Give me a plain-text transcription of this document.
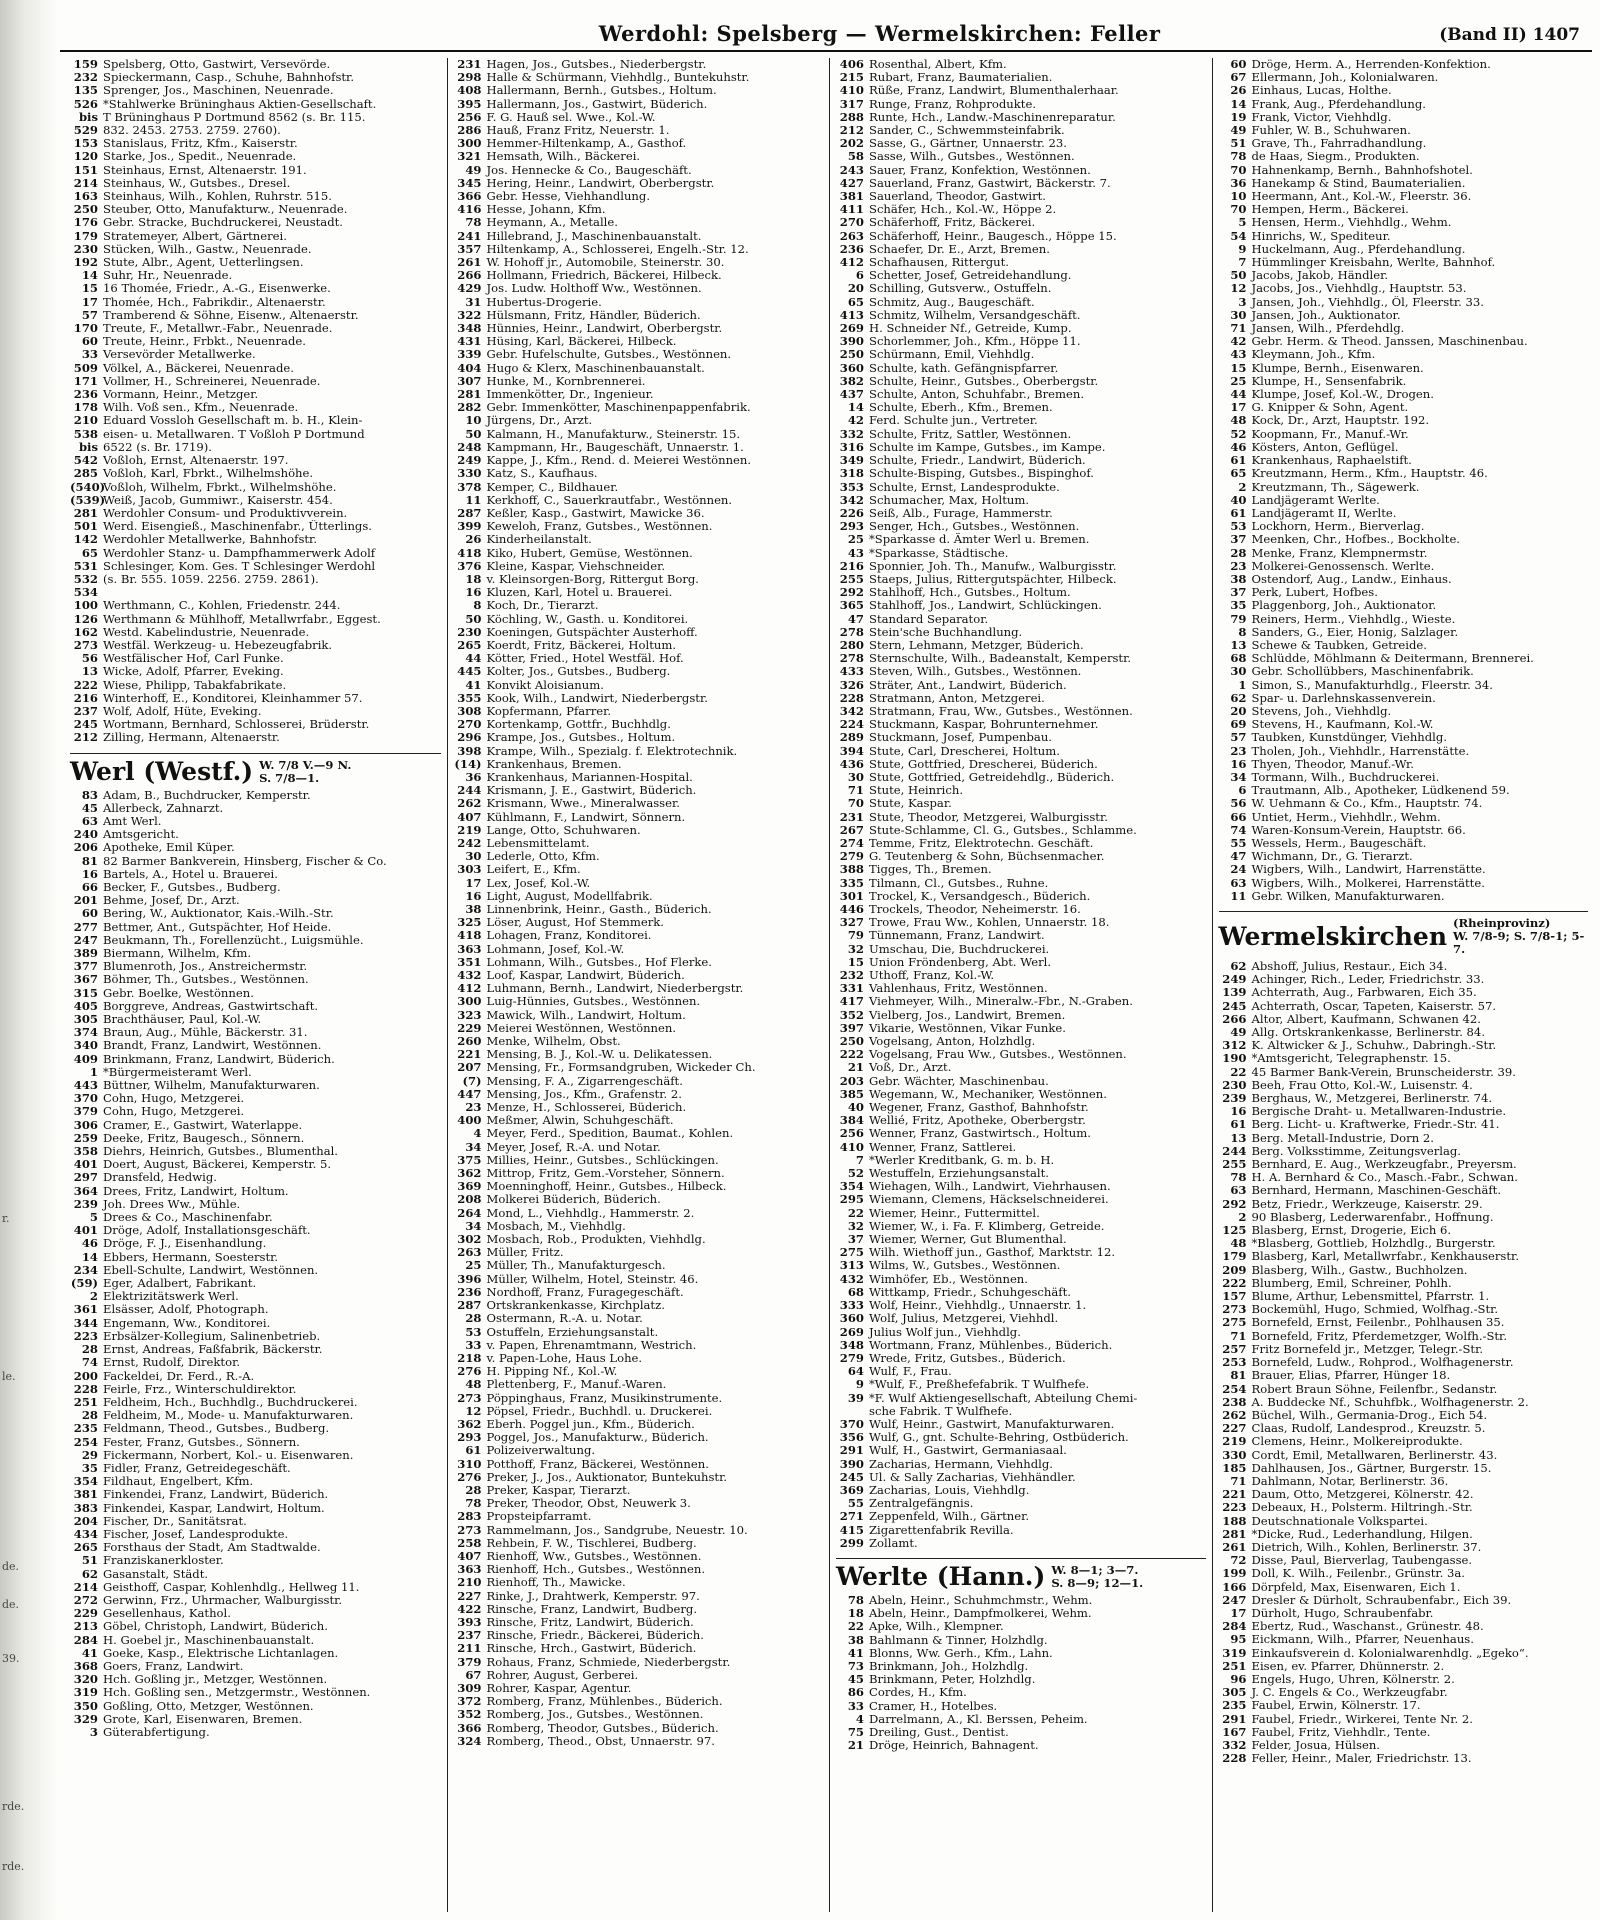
r.
le.
de.
de.
39.
rde.
rde.
Werdohl: Spelsberg — Wermelskirchen: Feller	(Band II) 1407
159 Spelsberg, Otto, Gastwirt, Versevörde.
232 Spieckermann, Casp., Schuhe, Bahnhofstr.
135 Sprenger, Jos., Maschinen, Neuenrade.
526 *Stahlwerke Brüninghaus Aktien-Gesellschaft.
bis T Brüninghaus P Dortmund 8562 (s. Br. 115.
529 832. 2453. 2753. 2759. 2760).
153 Stanislaus, Fritz, Kfm., Kaiserstr.
120 Starke, Jos., Spedit., Neuenrade.
151 Steinhaus, Ernst, Altenaerstr. 191.
214 Steinhaus, W., Gutsbes., Dresel.
163 Steinhaus, Wilh., Kohlen, Ruhrstr. 515.
250 Steuber, Otto, Manufakturw., Neuenrade.
176 Gebr. Stracke, Buchdruckerei, Neustadt.
179 Stratemeyer, Albert, Gärtnerei.
230 Stücken, Wilh., Gastw., Neuenrade.
192 Stute, Albr., Agent, Uetterlingsen.
14 Suhr, Hr., Neuenrade.
15 16 Thomée, Friedr., A.-G., Eisenwerke.
17 Thomée, Hch., Fabrikdir., Altenaerstr.
57 Tramberend & Söhne, Eisenw., Altenaerstr.
170 Treute, F., Metallwr.-Fabr., Neuenrade.
60 Treute, Heinr., Frbkt., Neuenrade.
33 Versevörder Metallwerke.
509 Völkel, A., Bäckerei, Neuenrade.
171 Vollmer, H., Schreinerei, Neuenrade.
236 Vormann, Heinr., Metzger.
178 Wilh. Voß sen., Kfm., Neuenrade.
210 Eduard Vossloh Gesellschaft m. b. H., Klein-
538 eisen- u. Metallwaren. T Voßloh P Dortmund
bis 6522 (s. Br. 1719).
542 Voßloh, Ernst, Altenaerstr. 197.
285 Voßloh, Karl, Fbrkt., Wilhelmshöhe.
(540)Voßloh, Wilhelm, Fbrkt., Wilhelmshöhe.
(539)Weiß, Jacob, Gummiwr., Kaiserstr. 454.
281 Werdohler Consum- und Produktivverein.
501 Werd. Eisengieß., Maschinenfabr., Ütterlings.
142 Werdohler Metallwerke, Bahnhofstr.
65 Werdohler Stanz- u. Dampfhammerwerk Adolf
531 Schlesinger, Kom. Ges. T Schlesinger Werdohl
532 (s. Br. 555. 1059. 2256. 2759. 2861).
534
100 Werthmann, C., Kohlen, Friedenstr. 244.
126 Werthmann & Mühlhoff, Metallwrfabr., Eggest.
162 Westd. Kabelindustrie, Neuenrade.
273 Westfäl. Werkzeug- u. Hebezeugfabrik.
56 Westfälischer Hof, Carl Funke.
13 Wicke, Adolf, Pfarrer, Eveking.
222 Wiese, Philipp, Tabakfabrikate.
216 Winterhoff, E., Konditorei, Kleinhammer 57.
237 Wolf, Adolf, Hüte, Eveking.
245 Wortmann, Bernhard, Schlosserei, Brüderstr.
212 Zilling, Hermann, Altenaerstr.
Werl (Westf.) W. 7/8 V.—9 N.
S. 7/8—1.
83 Adam, B., Buchdrucker, Kemperstr.
45 Allerbeck, Zahnarzt.
63 Amt Werl.
240 Amtsgericht.
206 Apotheke, Emil Küper.
81 82 Barmer Bankverein, Hinsberg, Fischer & Co.
16 Bartels, A., Hotel u. Brauerei.
66 Becker, F., Gutsbes., Budberg.
201 Behme, Josef, Dr., Arzt.
60 Bering, W., Auktionator, Kais.-Wilh.-Str.
277 Bettmer, Ant., Gutspächter, Hof Heide.
247 Beukmann, Th., Forellenzücht., Luigsmühle.
389 Biermann, Wilhelm, Kfm.
377 Blumenroth, Jos., Anstreichermstr.
367 Böhmer, Th., Gutsbes., Westönnen.
315 Gebr. Boelke, Westönnen.
405 Borggreve, Andreas, Gastwirtschaft.
305 Brachthäuser, Paul, Kol.-W.
374 Braun, Aug., Mühle, Bäckerstr. 31.
340 Brandt, Franz, Landwirt, Westönnen.
409 Brinkmann, Franz, Landwirt, Büderich.
1 *Bürgermeisteramt Werl.
443 Büttner, Wilhelm, Manufakturwaren.
370 Cohn, Hugo, Metzgerei.
379 Cohn, Hugo, Metzgerei.
306 Cramer, E., Gastwirt, Waterlappe.
259 Deeke, Fritz, Baugesch., Sönnern.
358 Diehrs, Heinrich, Gutsbes., Blumenthal.
401 Doert, August, Bäckerei, Kemperstr. 5.
297 Dransfeld, Hedwig.
364 Drees, Fritz, Landwirt, Holtum.
239 Joh. Drees Ww., Mühle.
5 Drees & Co., Maschinenfabr.
401 Dröge, Adolf, Installationsgeschäft.
46 Dröge, F. J., Eisenhandlung.
14 Ebbers, Hermann, Soesterstr.
234 Ebell-Schulte, Landwirt, Westönnen.
(59) Eger, Adalbert, Fabrikant.
2 Elektrizitätswerk Werl.
361 Elsässer, Adolf, Photograph.
344 Engemann, Ww., Konditorei.
223 Erbsälzer-Kollegium, Salinenbetrieb.
28 Ernst, Andreas, Faßfabrik, Bäckerstr.
74 Ernst, Rudolf, Direktor.
200 Fackeldei, Dr. Ferd., R.-A.
228 Feirle, Frz., Winterschuldirektor.
251 Feldheim, Hch., Buchhdlg., Buchdruckerei.
28 Feldheim, M., Mode- u. Manufakturwaren.
235 Feldmann, Theod., Gutsbes., Budberg.
254 Fester, Franz, Gutsbes., Sönnern.
29 Fickermann, Norbert, Kol.- u. Eisenwaren.
35 Fidler, Franz, Getreidegeschäft.
354 Fildhaut, Engelbert, Kfm.
381 Finkendei, Franz, Landwirt, Büderich.
383 Finkendei, Kaspar, Landwirt, Holtum.
204 Fischer, Dr., Sanitätsrat.
434 Fischer, Josef, Landesprodukte.
265 Forsthaus der Stadt, Am Stadtwalde.
51 Franziskanerkloster.
62 Gasanstalt, Städt.
214 Geisthoff, Caspar, Kohlenhdlg., Hellweg 11.
272 Gerwinn, Frz., Uhrmacher, Walburgisstr.
229 Gesellenhaus, Kathol.
213 Göbel, Christoph, Landwirt, Büderich.
284 H. Goebel jr., Maschinenbauanstalt.
41 Goeke, Kasp., Elektrische Lichtanlagen.
368 Goers, Franz, Landwirt.
320 Hch. Goßling jr., Metzger, Westönnen.
319 Hch. Goßling sen., Metzgermstr., Westönnen.
350 Goßling, Otto, Metzger, Westönnen.
329 Grote, Karl, Eisenwaren, Bremen.
3 Güterabfertigung.
231 Hagen, Jos., Gutsbes., Niederbergstr.
298 Halle & Schürmann, Viehhdlg., Buntekuhstr.
408 Hallermann, Bernh., Gutsbes., Holtum.
395 Hallermann, Jos., Gastwirt, Büderich.
256 F. G. Hauß sel. Wwe., Kol.-W.
286 Hauß, Franz Fritz, Neuerstr. 1.
300 Hemmer-Hiltenkamp, A., Gasthof.
321 Hemsath, Wilh., Bäckerei.
49 Jos. Hennecke & Co., Baugeschäft.
345 Hering, Heinr., Landwirt, Oberbergstr.
366 Gebr. Hesse, Viehhandlung.
416 Hesse, Johann, Kfm.
78 Heymann, A., Metalle.
241 Hillebrand, J., Maschinenbauanstalt.
357 Hiltenkamp, A., Schlosserei, Engelh.-Str. 12.
261 W. Hohoff jr., Automobile, Steinerstr. 30.
266 Hollmann, Friedrich, Bäckerei, Hilbeck.
429 Jos. Ludw. Holthoff Ww., Westönnen.
31 Hubertus-Drogerie.
322 Hülsmann, Fritz, Händler, Büderich.
348 Hünnies, Heinr., Landwirt, Oberbergstr.
431 Hüsing, Karl, Bäckerei, Hilbeck.
339 Gebr. Hufelschulte, Gutsbes., Westönnen.
404 Hugo & Klerx, Maschinenbauanstalt.
307 Hunke, M., Kornbrennerei.
281 Immenkötter, Dr., Ingenieur.
282 Gebr. Immenkötter, Maschinenpappenfabrik.
10 Jürgens, Dr., Arzt.
50 Kalmann, H., Manufakturw., Steinerstr. 15.
248 Kampmann, Hr., Baugeschäft, Unnaerstr. 1.
249 Kappe, J., Kfm., Rend. d. Meierei Westönnen.
330 Katz, S., Kaufhaus.
378 Kemper, C., Bildhauer.
11 Kerkhoff, C., Sauerkrautfabr., Westönnen.
287 Keßler, Kasp., Gastwirt, Mawicke 36.
399 Keweloh, Franz, Gutsbes., Westönnen.
26 Kinderheilanstalt.
418 Kiko, Hubert, Gemüse, Westönnen.
376 Kleine, Kaspar, Viehschneider.
18 v. Kleinsorgen-Borg, Rittergut Borg.
16 Kluzen, Karl, Hotel u. Brauerei.
8 Koch, Dr., Tierarzt.
50 Köchling, W., Gasth. u. Konditorei.
230 Koeningen, Gutspächter Austerhoff.
265 Koerdt, Fritz, Bäckerei, Holtum.
44 Kötter, Fried., Hotel Westfäl. Hof.
445 Kolter, Jos., Gutsbes., Budberg.
41 Konvikt Aloisianum.
355 Kook, Wilh., Landwirt, Niederbergstr.
308 Kopfermann, Pfarrer.
270 Kortenkamp, Gottfr., Buchhdlg.
296 Krampe, Jos., Gutsbes., Holtum.
398 Krampe, Wilh., Spezialg. f. Elektrotechnik.
(14) Krankenhaus, Bremen.
36 Krankenhaus, Mariannen-Hospital.
244 Krismann, J. E., Gastwirt, Büderich.
262 Krismann, Wwe., Mineralwasser.
407 Kühlmann, F., Landwirt, Sönnern.
219 Lange, Otto, Schuhwaren.
242 Lebensmittelamt.
30 Lederle, Otto, Kfm.
303 Leifert, E., Kfm.
17 Lex, Josef, Kol.-W.
16 Light, August, Modellfabrik.
38 Linnenbrink, Heinr., Gasth., Büderich.
325 Löser, August, Hof Stemmerk.
418 Lohagen, Franz, Konditorei.
363 Lohmann, Josef, Kol.-W.
351 Lohmann, Wilh., Gutsbes., Hof Flerke.
432 Loof, Kaspar, Landwirt, Büderich.
412 Luhmann, Bernh., Landwirt, Niederbergstr.
300 Luig-Hünnies, Gutsbes., Westönnen.
323 Mawick, Wilh., Landwirt, Holtum.
229 Meierei Westönnen, Westönnen.
260 Menke, Wilhelm, Obst.
221 Mensing, B. J., Kol.-W. u. Delikatessen.
207 Mensing, Fr., Formsandgruben, Wickeder Ch.
(7) Mensing, F. A., Zigarrengeschäft.
447 Mensing, Jos., Kfm., Grafenstr. 2.
23 Menze, H., Schlosserei, Büderich.
400 Meßmer, Alwin, Schuhgeschäft.
4 Meyer, Ferd., Spedition, Baumat., Kohlen.
34 Meyer, Josef, R.-A. und Notar.
375 Millies, Heinr., Gutsbes., Schlückingen.
362 Mittrop, Fritz, Gem.-Vorsteher, Sönnern.
369 Moenninghoff, Heinr., Gutsbes., Hilbeck.
208 Molkerei Büderich, Büderich.
264 Mond, L., Viehhdlg., Hammerstr. 2.
34 Mosbach, M., Viehhdlg.
302 Mosbach, Rob., Produkten, Viehhdlg.
263 Müller, Fritz.
25 Müller, Th., Manufakturgesch.
396 Müller, Wilhelm, Hotel, Steinstr. 46.
236 Nordhoff, Franz, Furagegeschäft.
287 Ortskrankenkasse, Kirchplatz.
28 Ostermann, R.-A. u. Notar.
53 Ostuffeln, Erziehungsanstalt.
33 v. Papen, Ehrenamtmann, Westrich.
218 v. Papen-Lohe, Haus Lohe.
276 H. Pipping Nf., Kol.-W.
48 Plettenberg, F., Manuf.-Waren.
273 Pöppinghaus, Franz, Musikinstrumente.
12 Pöpsel, Friedr., Buchhdl. u. Druckerei.
362 Eberh. Poggel jun., Kfm., Büderich.
293 Poggel, Jos., Manufakturw., Büderich.
61 Polizeiverwaltung.
310 Potthoff, Franz, Bäckerei, Westönnen.
276 Preker, J., Jos., Auktionator, Buntekuhstr.
28 Preker, Kaspar, Tierarzt.
78 Preker, Theodor, Obst, Neuwerk 3.
283 Propsteipfarramt.
273 Rammelmann, Jos., Sandgrube, Neuestr. 10.
258 Rehbein, F. W., Tischlerei, Budberg.
407 Rienhoff, Ww., Gutsbes., Westönnen.
363 Rienhoff, Hch., Gutsbes., Westönnen.
210 Rienhoff, Th., Mawicke.
227 Rinke, J., Drahtwerk, Kemperstr. 97.
422 Rinsche, Franz, Landwirt, Budberg.
393 Rinsche, Fritz, Landwirt, Büderich.
237 Rinsche, Friedr., Bäckerei, Büderich.
211 Rinsche, Hrch., Gastwirt, Büderich.
379 Rohaus, Franz, Schmiede, Niederbergstr.
67 Rohrer, August, Gerberei.
309 Rohrer, Kaspar, Agentur.
372 Romberg, Franz, Mühlenbes., Büderich.
352 Romberg, Jos., Gutsbes., Westönnen.
366 Romberg, Theodor, Gutsbes., Büderich.
324 Romberg, Theod., Obst, Unnaerstr. 97.
406 Rosenthal, Albert, Kfm.
215 Rubart, Franz, Baumaterialien.
410 Rüße, Franz, Landwirt, Blumenthalerhaar.
317 Runge, Franz, Rohprodukte.
288 Runte, Hch., Landw.-Maschinenreparatur.
212 Sander, C., Schwemmsteinfabrik.
202 Sasse, G., Gärtner, Unnaerstr. 23.
58 Sasse, Wilh., Gutsbes., Westönnen.
243 Sauer, Franz, Konfektion, Westönnen.
427 Sauerland, Franz, Gastwirt, Bäckerstr. 7.
381 Sauerland, Theodor, Gastwirt.
411 Schäfer, Hch., Kol.-W., Höppe 2.
270 Schäferhoff, Fritz, Bäckerei.
263 Schäferhoff, Heinr., Baugesch., Höppe 15.
236 Schaefer, Dr. E., Arzt, Bremen.
412 Schafhausen, Rittergut.
6 Schetter, Josef, Getreidehandlung.
20 Schilling, Gutsverw., Ostuffeln.
65 Schmitz, Aug., Baugeschäft.
413 Schmitz, Wilhelm, Versandgeschäft.
269 H. Schneider Nf., Getreide, Kump.
390 Schorlemmer, Joh., Kfm., Höppe 11.
250 Schürmann, Emil, Viehhdlg.
360 Schulte, kath. Gefängnispfarrer.
382 Schulte, Heinr., Gutsbes., Oberbergstr.
437 Schulte, Anton, Schuhfabr., Bremen.
14 Schulte, Eberh., Kfm., Bremen.
42 Ferd. Schulte jun., Vertreter.
332 Schulte, Fritz, Sattler, Westönnen.
316 Schulte im Kampe, Gutsbes., im Kampe.
349 Schulte, Friedr., Landwirt, Büderich.
318 Schulte-Bisping, Gutsbes., Bispinghof.
353 Schulte, Ernst, Landesprodukte.
342 Schumacher, Max, Holtum.
226 Seiß, Alb., Furage, Hammerstr.
293 Senger, Hch., Gutsbes., Westönnen.
25 *Sparkasse d. Ämter Werl u. Bremen.
43 *Sparkasse, Städtische.
216 Sponnier, Joh. Th., Manufw., Walburgisstr.
255 Staeps, Julius, Rittergutspächter, Hilbeck.
292 Stahlhoff, Hch., Gutsbes., Holtum.
365 Stahlhoff, Jos., Landwirt, Schlückingen.
47 Standard Separator.
278 Stein'sche Buchhandlung.
280 Stern, Lehmann, Metzger, Büderich.
278 Sternschulte, Wilh., Badeanstalt, Kemperstr.
433 Steven, Wilh., Gutsbes., Westönnen.
326 Sträter, Ant., Landwirt, Büderich.
228 Stratmann, Anton, Metzgerei.
342 Stratmann, Frau, Ww., Gutsbes., Westönnen.
224 Stuckmann, Kaspar, Bohrunternehmer.
289 Stuckmann, Josef, Pumpenbau.
394 Stute, Carl, Drescherei, Holtum.
436 Stute, Gottfried, Drescherei, Büderich.
30 Stute, Gottfried, Getreidehdlg., Büderich.
71 Stute, Heinrich.
70 Stute, Kaspar.
231 Stute, Theodor, Metzgerei, Walburgisstr.
267 Stute-Schlamme, Cl. G., Gutsbes., Schlamme.
274 Temme, Fritz, Elektrotechn. Geschäft.
279 G. Teutenberg & Sohn, Büchsenmacher.
388 Tigges, Th., Bremen.
335 Tilmann, Cl., Gutsbes., Ruhne.
301 Trockel, K., Versandgesch., Büderich.
446 Trockels, Theodor, Neheimerstr. 16.
327 Trowe, Frau Ww., Kohlen, Unnaerstr. 18.
79 Tünnemann, Franz, Landwirt.
32 Umschau, Die, Buchdruckerei.
15 Union Fröndenberg, Abt. Werl.
232 Uthoff, Franz, Kol.-W.
331 Vahlenhaus, Fritz, Westönnen.
417 Viehmeyer, Wilh., Mineralw.-Fbr., N.-Graben.
352 Vielberg, Jos., Landwirt, Bremen.
397 Vikarie, Westönnen, Vikar Funke.
250 Vogelsang, Anton, Holzhdlg.
222 Vogelsang, Frau Ww., Gutsbes., Westönnen.
21 Voß, Dr., Arzt.
203 Gebr. Wächter, Maschinenbau.
385 Wegemann, W., Mechaniker, Westönnen.
40 Wegener, Franz, Gasthof, Bahnhofstr.
384 Wellié, Fritz, Apotheke, Oberbergstr.
256 Wenner, Franz, Gastwirtsch., Holtum.
410 Wenner, Franz, Sattlerei.
7 *Werler Kreditbank, G. m. b. H.
52 Westuffeln, Erziehungsanstalt.
354 Wiehagen, Wilh., Landwirt, Viehrhausen.
295 Wiemann, Clemens, Häckselschneiderei.
22 Wiemer, Heinr., Futtermittel.
32 Wiemer, W., i. Fa. F. Klimberg, Getreide.
37 Wiemer, Werner, Gut Blumenthal.
275 Wilh. Wiethoff jun., Gasthof, Marktstr. 12.
313 Wilms, W., Gutsbes., Westönnen.
432 Wimhöfer, Eb., Westönnen.
68 Wittkamp, Friedr., Schuhgeschäft.
333 Wolf, Heinr., Viehhdlg., Unnaerstr. 1.
360 Wolf, Julius, Metzgerei, Viehhdl.
269 Julius Wolf jun., Viehhdlg.
348 Wortmann, Franz, Mühlenbes., Büderich.
279 Wrede, Fritz, Gutsbes., Büderich.
64 Wulf, F., Frau.
9 *Wulf, F., Preßhefefabrik. T Wulfhefe.
39 *F. Wulf Aktiengesellschaft, Abteilung Chemi-
sche Fabrik. T Wulfhefe.
370 Wulf, Heinr., Gastwirt, Manufakturwaren.
356 Wulf, G., gnt. Schulte-Behring, Ostbüderich.
291 Wulf, H., Gastwirt, Germaniasaal.
390 Zacharias, Hermann, Viehhdlg.
245 Ul. & Sally Zacharias, Viehhändler.
369 Zacharias, Louis, Viehhdlg.
55 Zentralgefängnis.
271 Zeppenfeld, Wilh., Gärtner.
415 Zigarettenfabrik Revilla.
299 Zollamt.
Werlte (Hann.) W. 8—1; 3—7.
S. 8—9; 12—1.
78 Abeln, Heinr., Schuhmchmstr., Wehm.
18 Abeln, Heinr., Dampfmolkerei, Wehm.
22 Apke, Wilh., Klempner.
38 Bahlmann & Tinner, Holzhdlg.
41 Blonns, Ww. Gerh., Kfm., Lahn.
73 Brinkmann, Joh., Holzhdlg.
45 Brinkmann, Peter, Holzhdlg.
86 Cordes, H., Kfm.
33 Cramer, H., Hotelbes.
4 Darrelmann, A., Kl. Berssen, Peheim.
75 Dreiling, Gust., Dentist.
21 Dröge, Heinrich, Bahnagent.
60 Dröge, Herm. A., Herrenden-Konfektion.
67 Ellermann, Joh., Kolonialwaren.
26 Einhaus, Lucas, Holthe.
14 Frank, Aug., Pferdehandlung.
19 Frank, Victor, Viehhdlg.
49 Fuhler, W. B., Schuhwaren.
51 Grave, Th., Fahrradhandlung.
78 de Haas, Siegm., Produkten.
70 Hahnenkamp, Bernh., Bahnhofshotel.
36 Hanekamp & Stind, Baumaterialien.
10 Heermann, Ant., Kol.-W., Fleerstr. 36.
70 Hempen, Herm., Bäckerei.
5 Hensen, Herm., Viehhdlg., Wehm.
54 Hinrichs, W., Spediteur.
9 Huckelmann, Aug., Pferdehandlung.
7 Hümmlinger Kreisbahn, Werlte, Bahnhof.
50 Jacobs, Jakob, Händler.
12 Jacobs, Jos., Viehhdlg., Hauptstr. 53.
3 Jansen, Joh., Viehhdlg., Öl, Fleerstr. 33.
30 Jansen, Joh., Auktionator.
71 Jansen, Wilh., Pferdehdlg.
42 Gebr. Herm. & Theod. Janssen, Maschinenbau.
43 Kleymann, Joh., Kfm.
15 Klumpe, Bernh., Eisenwaren.
25 Klumpe, H., Sensenfabrik.
44 Klumpe, Josef, Kol.-W., Drogen.
17 G. Knipper & Sohn, Agent.
48 Kock, Dr., Arzt, Hauptstr. 192.
52 Koopmann, Fr., Manuf.-Wr.
46 Kösters, Anton, Geflügel.
61 Krankenhaus, Raphaelstift.
65 Kreutzmann, Herm., Kfm., Hauptstr. 46.
2 Kreutzmann, Th., Sägewerk.
40 Landjägeramt Werlte.
61 Landjägeramt II, Werlte.
53 Lockhorn, Herm., Bierverlag.
37 Meenken, Chr., Hofbes., Bockholte.
28 Menke, Franz, Klempnermstr.
23 Molkerei-Genossensch. Werlte.
38 Ostendorf, Aug., Landw., Einhaus.
37 Perk, Lubert, Hofbes.
35 Plaggenborg, Joh., Auktionator.
79 Reiners, Herm., Viehhdlg., Wieste.
8 Sanders, G., Eier, Honig, Salzlager.
13 Schewe & Taubken, Getreide.
68 Schlüdde, Möhlmann & Deitermann, Brennerei.
30 Gebr. Schollübbers, Maschinenfabrik.
1 Simon, S., Manufakturhdlg., Fleerstr. 34.
62 Spar- u. Darlehnskassenverein.
20 Stevens, Joh., Viehhdlg.
69 Stevens, H., Kaufmann, Kol.-W.
57 Taubken, Kunstdünger, Viehhdlg.
23 Tholen, Joh., Viehhdlr., Harrenstätte.
16 Thyen, Theodor, Manuf.-Wr.
34 Tormann, Wilh., Buchdruckerei.
6 Trautmann, Alb., Apotheker, Lüdkenend 59.
56 W. Uehmann & Co., Kfm., Hauptstr. 74.
66 Untiet, Herm., Viehhdlr., Wehm.
74 Waren-Konsum-Verein, Hauptstr. 66.
55 Wessels, Herm., Baugeschäft.
47 Wichmann, Dr., G. Tierarzt.
24 Wigbers, Wilh., Landwirt, Harrenstätte.
63 Wigbers, Wilh., Molkerei, Harrenstätte.
11 Gebr. Wilken, Manufakturwaren.
Wermelskirchen (Rheinprovinz)
W. 7/8-9; S. 7/8-1; 5-7.
62 Abshoff, Julius, Restaur., Eich 34.
249 Achinger, Rich., Leder, Friedrichstr. 33.
139 Achterrath, Aug., Farbwaren, Eich 35.
245 Achterrath, Oscar, Tapeten, Kaiserstr. 57.
266 Altor, Albert, Kaufmann, Schwanen 42.
49 Allg. Ortskrankenkasse, Berlinerstr. 84.
312 K. Altwicker & J., Schuhw., Dabringh.-Str.
190 *Amtsgericht, Telegraphenstr. 15.
22 45 Barmer Bank-Verein, Brunscheiderstr. 39.
230 Beeh, Frau Otto, Kol.-W., Luisenstr. 4.
239 Berghaus, W., Metzgerei, Berlinerstr. 74.
16 Bergische Draht- u. Metallwaren-Industrie.
61 Berg. Licht- u. Kraftwerke, Friedr.-Str. 41.
13 Berg. Metall-Industrie, Dorn 2.
244 Berg. Volksstimme, Zeitungsverlag.
255 Bernhard, E. Aug., Werkzeugfabr., Preyersm.
78 H. A. Bernhard & Co., Masch.-Fabr., Schwan.
63 Bernhard, Hermann, Maschinen-Geschäft.
292 Betz, Friedr., Werkzeuge, Kaiserstr. 29.
2 90 Blasberg, Lederwarenfabr., Hoffnung.
125 Blasberg, Ernst, Drogerie, Eich 6.
48 *Blasberg, Gottlieb, Holzhdlg., Burgerstr.
179 Blasberg, Karl, Metallwrfabr., Kenkhauserstr.
209 Blasberg, Wilh., Gastw., Buchholzen.
222 Blumberg, Emil, Schreiner, Pohlh.
157 Blume, Arthur, Lebensmittel, Pfarrstr. 1.
273 Bockemühl, Hugo, Schmied, Wolfhag.-Str.
275 Bornefeld, Ernst, Feilenbr., Pohlhausen 35.
71 Bornefeld, Fritz, Pferdemetzger, Wolfh.-Str.
257 Fritz Bornefeld jr., Metzger, Telegr.-Str.
253 Bornefeld, Ludw., Rohprod., Wolfhagenerstr.
81 Brauer, Elias, Pfarrer, Hünger 18.
254 Robert Braun Söhne, Feilenfbr., Sedanstr.
238 A. Buddecke Nf., Schuhfbk., Wolfhagenerstr. 2.
262 Büchel, Wilh., Germania-Drog., Eich 54.
227 Claas, Rudolf, Landesprod., Kreuzstr. 5.
219 Clemens, Heinr., Molkereiprodukte.
330 Cordt, Emil, Metallwaren, Berlinerstr. 43.
185 Dahlhausen, Jos., Gärtner, Burgerstr. 15.
71 Dahlmann, Notar, Berlinerstr. 36.
221 Daum, Otto, Metzgerei, Kölnerstr. 42.
223 Debeaux, H., Polsterm. Hiltringh.-Str.
188 Deutschnationale Volkspartei.
281 *Dicke, Rud., Lederhandlung, Hilgen.
261 Dietrich, Wilh., Kohlen, Berlinerstr. 37.
72 Disse, Paul, Bierverlag, Taubengasse.
199 Doll, K. Wilh., Feilenbr., Grünstr. 3a.
166 Dörpfeld, Max, Eisenwaren, Eich 1.
247 Dresler & Dürholt, Schraubenfabr., Eich 39.
17 Dürholt, Hugo, Schraubenfabr.
284 Ebertz, Rud., Waschanst., Grünestr. 48.
95 Eickmann, Wilh., Pfarrer, Neuenhaus.
319 Einkaufsverein d. Kolonialwarenhdlg. „Egeko“.
251 Eisen, ev. Pfarrer, Dhünnerstr. 2.
96 Engels, Hugo, Uhren, Kölnerstr. 2.
305 J. C. Engels & Co., Werkzeugfabr.
235 Faubel, Erwin, Kölnerstr. 17.
291 Faubel, Friedr., Wirkerei, Tente Nr. 2.
167 Faubel, Fritz, Viehhdlr., Tente.
332 Felder, Josua, Hülsen.
228 Feller, Heinr., Maler, Friedrichstr. 13.
